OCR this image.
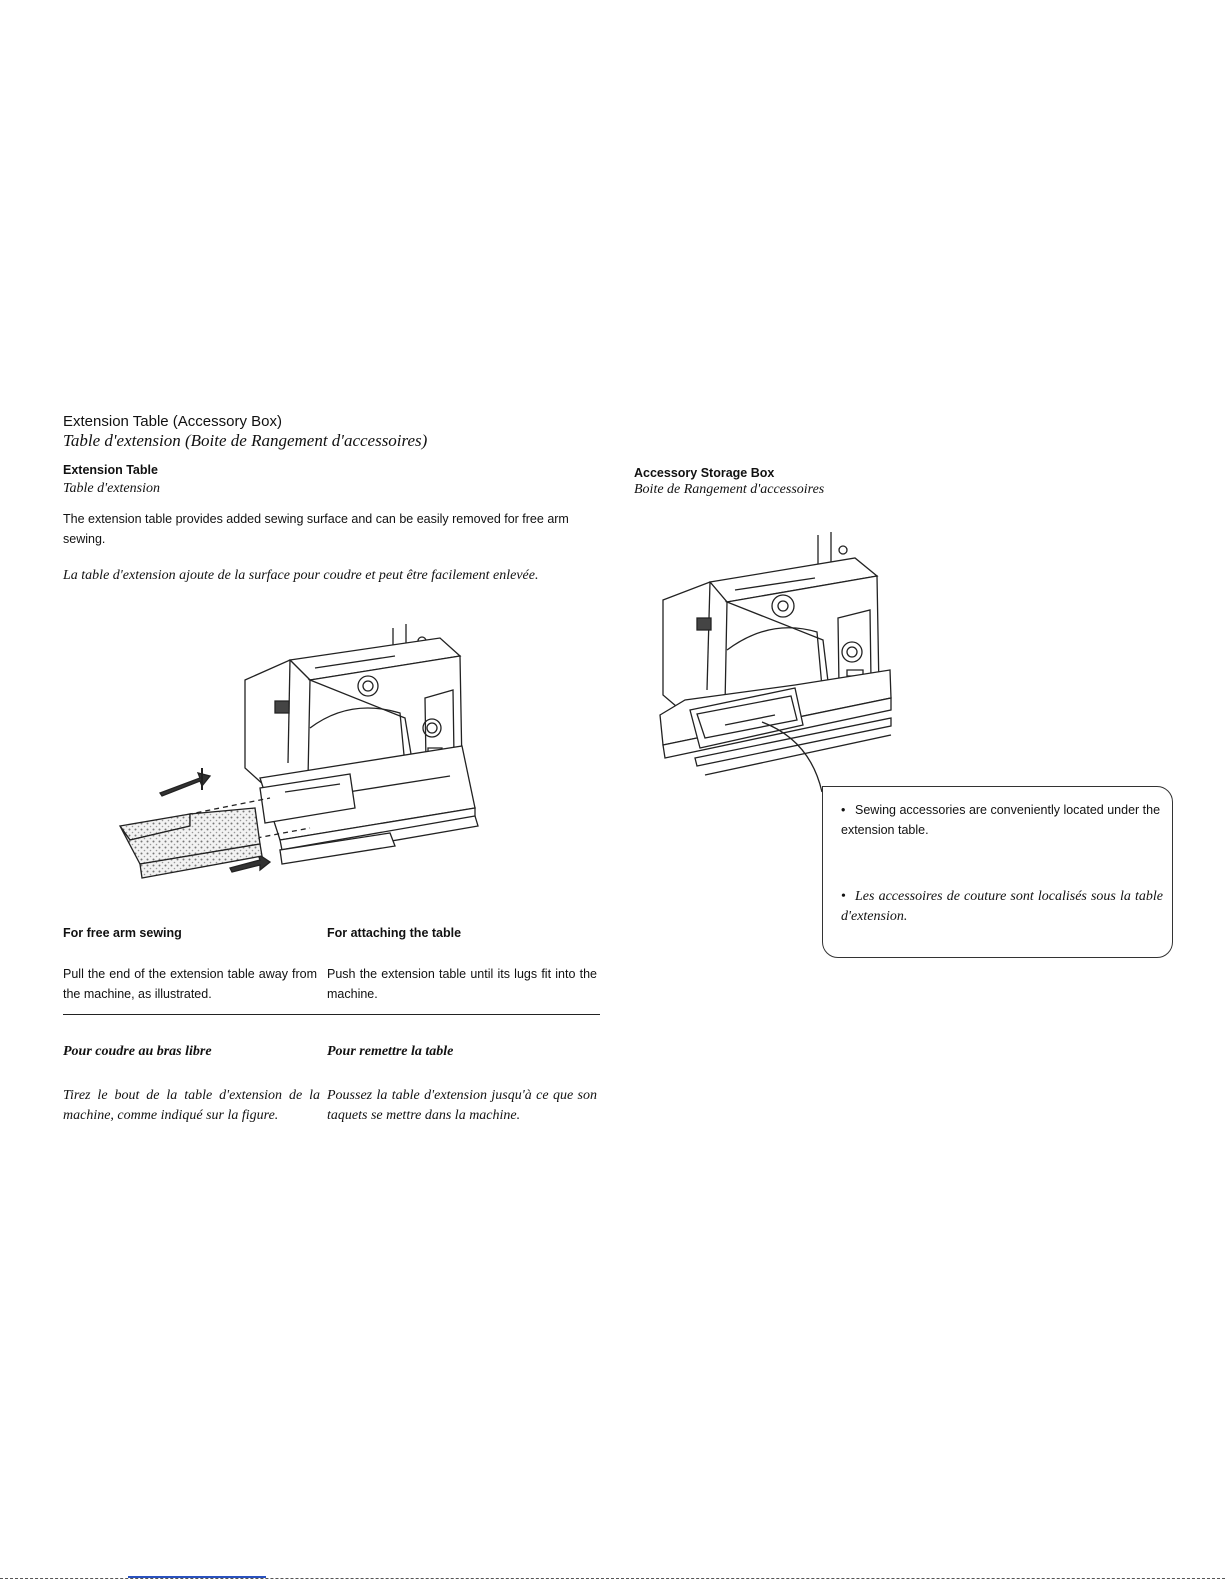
Extension Table (Accessory Box)
Table d'extension (Boite de Rangement d'accessoires)
Extension Table
Table d'extension
The extension table provides added sewing surface and can be easily removed for free arm sewing.
La table d'extension ajoute de la surface pour coudre et peut être facilement enlevée.
For free arm sewing	For attaching the table
Pull the end of the extension table away from the machine, as illustrated.
Push the extension table until its lugs fit into the machine.
Pour coudre au bras libre	Pour remettre la table
Tirez le bout de la table d'extension de la machine, comme indiqué sur la figure.
Poussez la table d'extension jusqu'à ce que son taquets se mettre dans la machine.
Accessory Storage Box
Boite de Rangement d'accessoires
• Sewing accessories are conveniently located under the extension table.
• Les accessoires de couture sont localisés sous la table d'extension.
